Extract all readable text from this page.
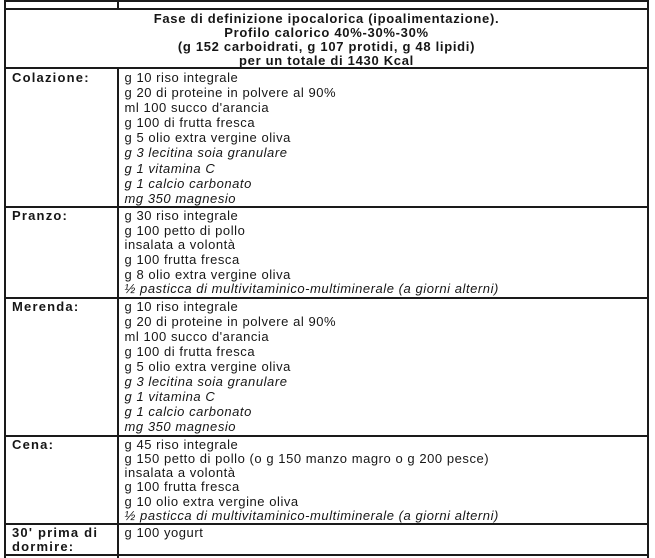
Fase di definizione ipocalorica (ipoalimentazione).
Profilo calorico 40%-30%-30%
(g 152 carboidrati, g 107 protidi, g 48 lipidi)
per un totale di 1430 Kcal
Colazione:	g 10 riso integrale
g 20 di proteine in polvere al 90%
ml 100 succo d'arancia
g 100 di frutta fresca
g 5 olio extra vergine oliva
g 3 lecitina soia granulare
g 1 vitamina C
g 1 calcio carbonato
mg 350 magnesio
Pranzo:	g 30 riso integrale
g 100 petto di pollo
insalata a volontà
g 100 frutta fresca
g 8 olio extra vergine oliva
½ pasticca di multivitaminico-multiminerale (a giorni alterni)
Merenda:	g 10 riso integrale
g 20 di proteine in polvere al 90%
ml 100 succo d'arancia
g 100 di frutta fresca
g 5 olio extra vergine oliva
g 3 lecitina soia granulare
g 1 vitamina C
g 1 calcio carbonato
mg 350 magnesio
Cena:	g 45 riso integrale
g 150 petto di pollo (o g 150 manzo magro o g 200 pesce)
insalata a volontà
g 100 frutta fresca
g 10 olio extra vergine oliva
½ pasticca di multivitaminico-multiminerale (a giorni alterni)
30' prima di dormire:
g 100 yogurt
